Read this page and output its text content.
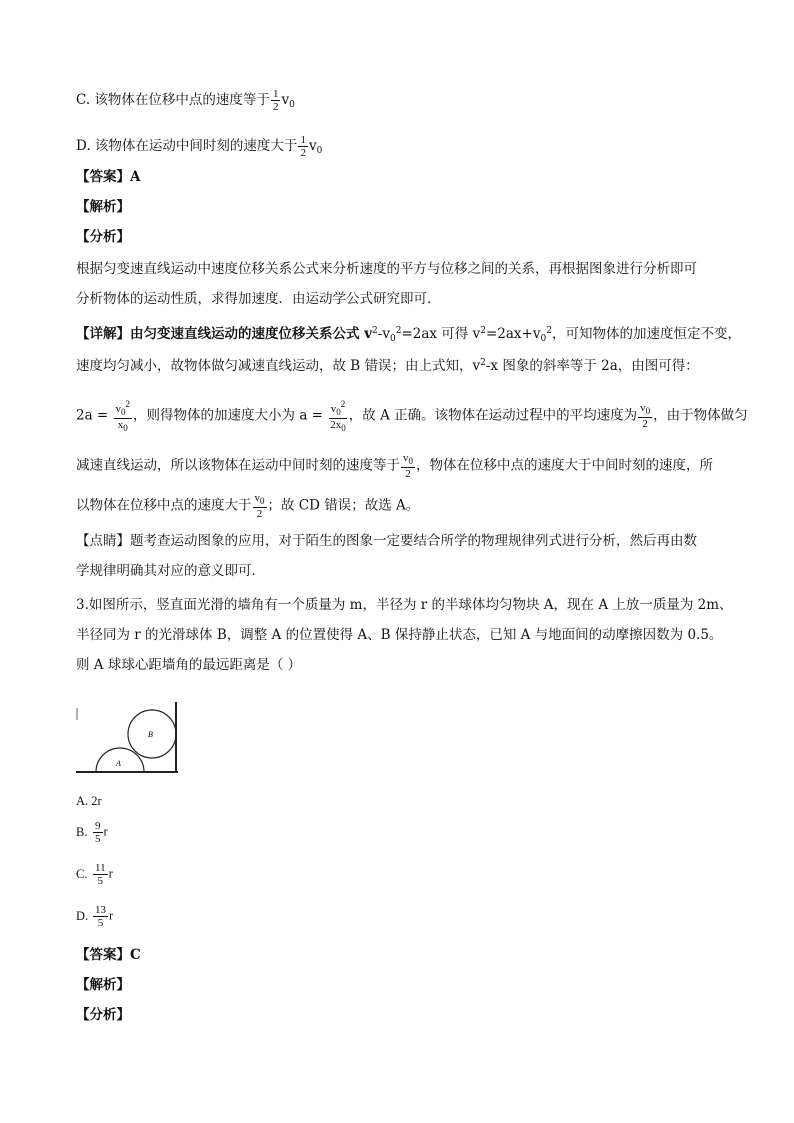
C. 该物体在位移中点的速度等于 $\frac{1}{2} v_0$
D. 该物体在运动中间时刻的速度大于 $\frac{1}{2} v_0$
【答案】A
【解析】
【分析】
根据匀变速直线运动中速度位移关系公式来分析速度的平方与位移之间的关系，再根据图象进行分析即可
分析物体的运动性质，求得加速度．由运动学公式研究即可．
【详解】由匀变速直线运动的速度位移关系公式 $v^2-v_0^2=2ax$ 可得 $v^2=2ax+v_0^2$，可知物体的加速度恒定不变，
速度均匀减小，故物体做匀减速直线运动，故 B 错误；由上式知，$v^2-x$ 图象的斜率等于 2a，由图可得：
$2a = \frac{v_0^2}{x_0}$ ，则得物体的加速度大小为 $a = \frac{v_0^2}{2x_0}$ ，故 A 正确。该物体在运动过程中的平均速度为 $\frac{v_0}{2}$ ，由于物体做匀
减速直线运动，所以该物体在运动中间时刻的速度等于 $\frac{v_0}{2}$ ，物体在位移中点的速度大于中间时刻的速度，所
以物体在位移中点的速度大于 $\frac{v_0}{2}$ ；故 CD 错误；故选 A。
【点睛】题考查运动图象的应用，对于陌生的图象一定要结合所学的物理规律列式进行分析，然后再由数
学规律明确其对应的意义即可．
3.如图所示，竖直面光滑的墙角有一个质量为 m，半径为 r 的半球体均匀物块 A，现在 A 上放一质量为 2m、
半径同为 r 的光滑球体 B，调整 A 的位置使得 A、B 保持静止状态，已知 A 与地面间的动摩擦因数为 0.5。
则 A 球球心距墙角的最远距离是（ ）
A
B
A. 2r
B. $\frac{9}{5}$ r
C. $\frac{11}{5}$ r
D. $\frac{13}{5}$ r
【答案】C
【解析】
【分析】
